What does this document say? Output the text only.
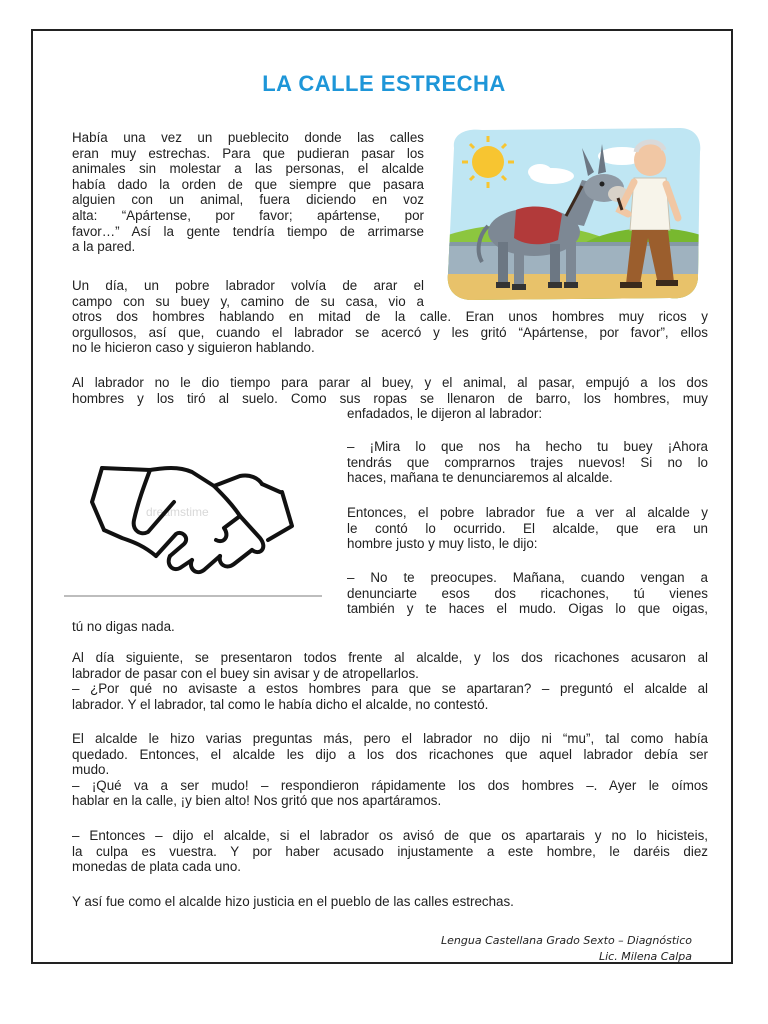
LA CALLE ESTRECHA
Había una vez un pueblecito donde las calles
eran muy estrechas. Para que pudieran pasar los
animales sin molestar a las personas, el alcalde
había dado la orden de que siempre que pasara
alguien con un animal, fuera diciendo en voz
alta: “Apártense, por favor; apártense, por
favor…” Así la gente tendría tiempo de arrimarse
a la pared.
Un día, un pobre labrador volvía de arar el
campo con su buey y, camino de su casa, vio a
otros dos hombres hablando en mitad de la calle. Eran unos hombres muy ricos y
orgullosos, así que, cuando el labrador se acercó y les gritó “Apártense, por favor”, ellos
no le hicieron caso y siguieron hablando.
Al labrador no le dio tiempo para parar al buey, y el animal, al pasar, empujó a los dos
hombres y los tiró al suelo. Como sus ropas se llenaron de barro, los hombres, muy
enfadados, le dijeron al labrador:
dreamstime
– ¡Mira lo que nos ha hecho tu buey ¡Ahora
tendrás que comprarnos trajes nuevos! Si no lo
haces, mañana te denunciaremos al alcalde.
Entonces, el pobre labrador fue a ver al alcalde y
le contó lo ocurrido. El alcalde, que era un
hombre justo y muy listo, le dijo:
– No te preocupes. Mañana, cuando vengan a
denunciarte esos dos ricachones, tú vienes
también y te haces el mudo. Oigas lo que oigas,
tú no digas nada.
Al día siguiente, se presentaron todos frente al alcalde, y los dos ricachones acusaron al
labrador de pasar con el buey sin avisar y de atropellarlos.
– ¿Por qué no avisaste a estos hombres para que se apartaran? – preguntó el alcalde al
labrador. Y el labrador, tal como le había dicho el alcalde, no contestó.
El alcalde le hizo varias preguntas más, pero el labrador no dijo ni “mu”, tal como había
quedado. Entonces, el alcalde les dijo a los dos ricachones que aquel labrador debía ser
mudo.
– ¡Qué va a ser mudo! – respondieron rápidamente los dos hombres –. Ayer le oímos
hablar en la calle, ¡y bien alto! Nos gritó que nos apartáramos.
– Entonces – dijo el alcalde, si el labrador os avisó de que os apartarais y no lo hicisteis,
la culpa es vuestra. Y por haber acusado injustamente a este hombre, le daréis diez
monedas de plata cada uno.
Y así fue como el alcalde hizo justicia en el pueblo de las calles estrechas.
Lengua Castellana Grado Sexto – Diagnóstico
Lic. Milena Calpa
